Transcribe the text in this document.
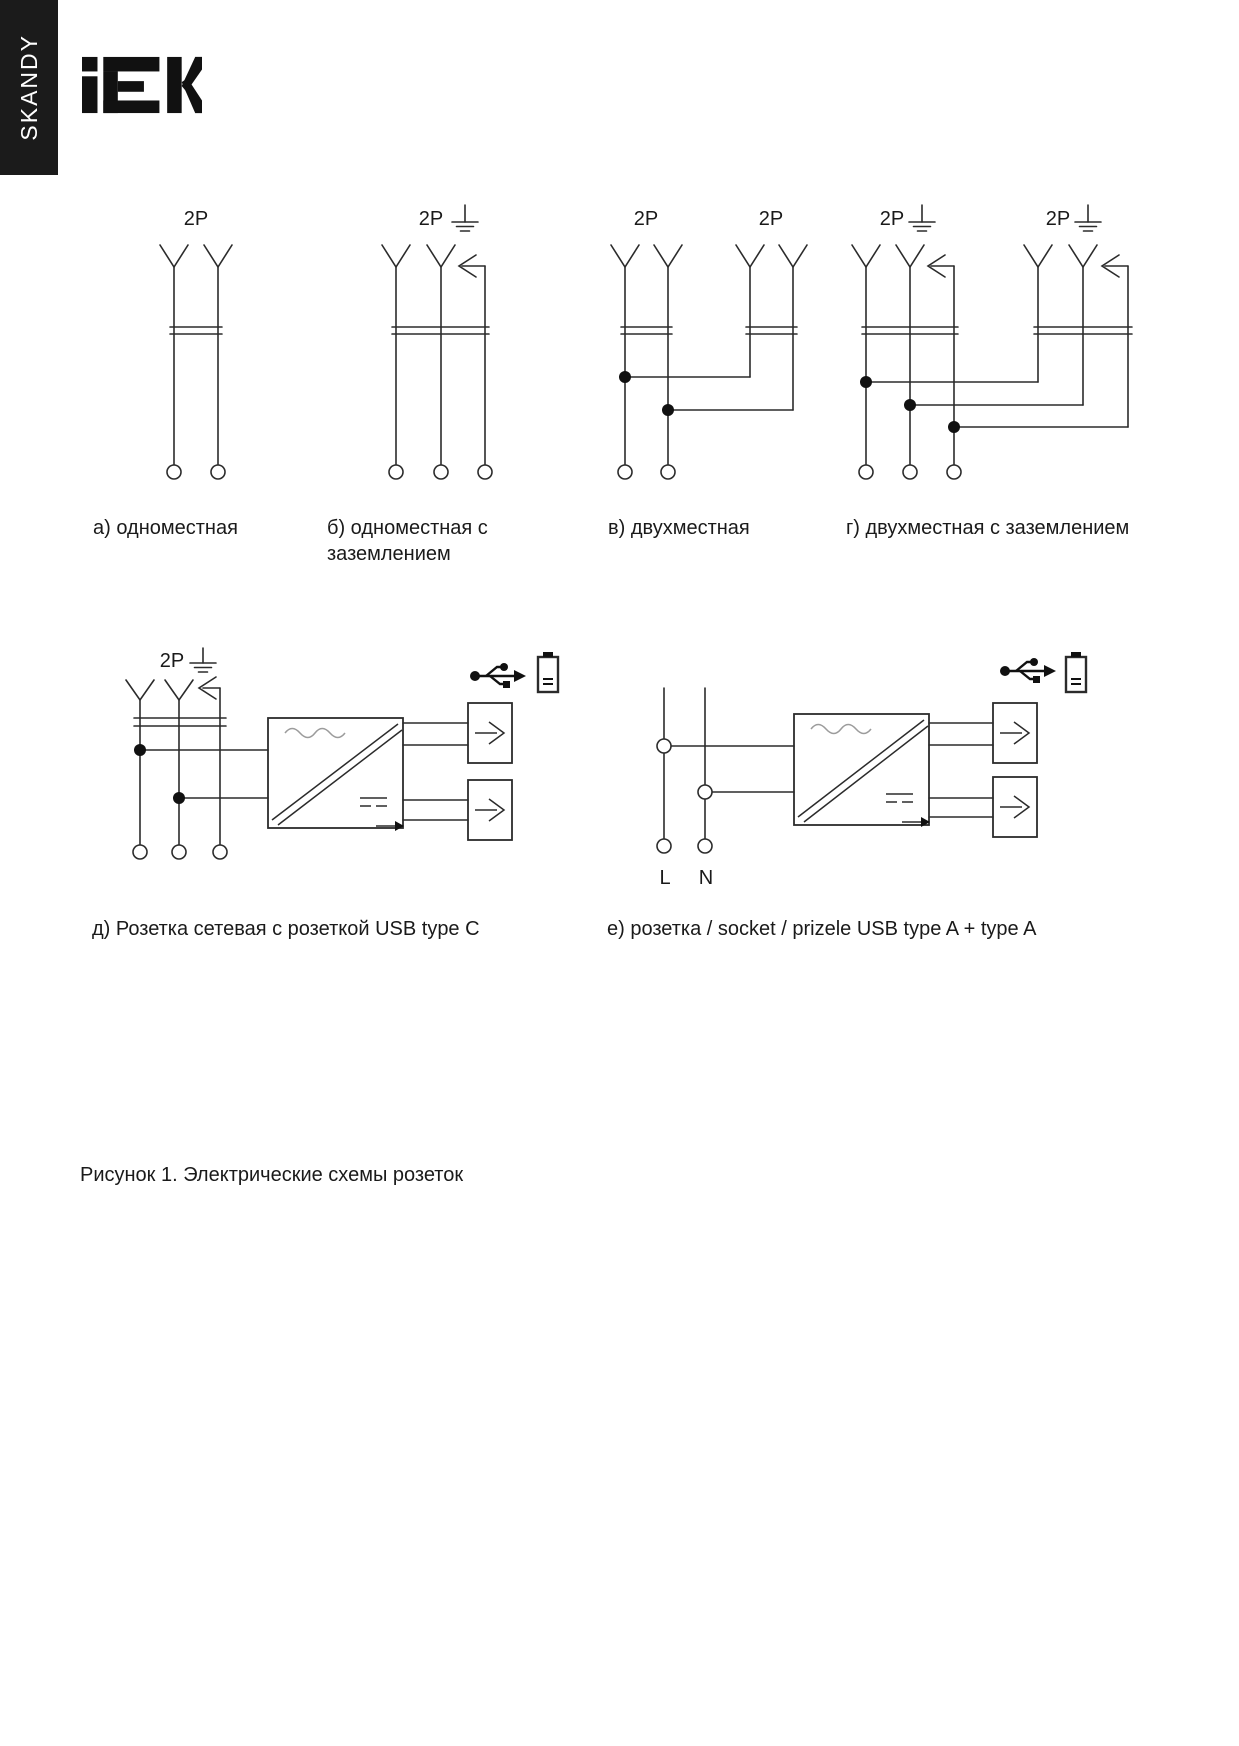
SKANDY
2P	2P	2P	2P	2P	2P
а) одноместная	б) одноместная с
заземлением
в) двухместная	г) двухместная с заземлением
2P
L N
д) Розетка сетевая с розеткой USB type C	е) розетка / socket / prizele USB type A + type A
Рисунок 1. Электрические схемы розеток
